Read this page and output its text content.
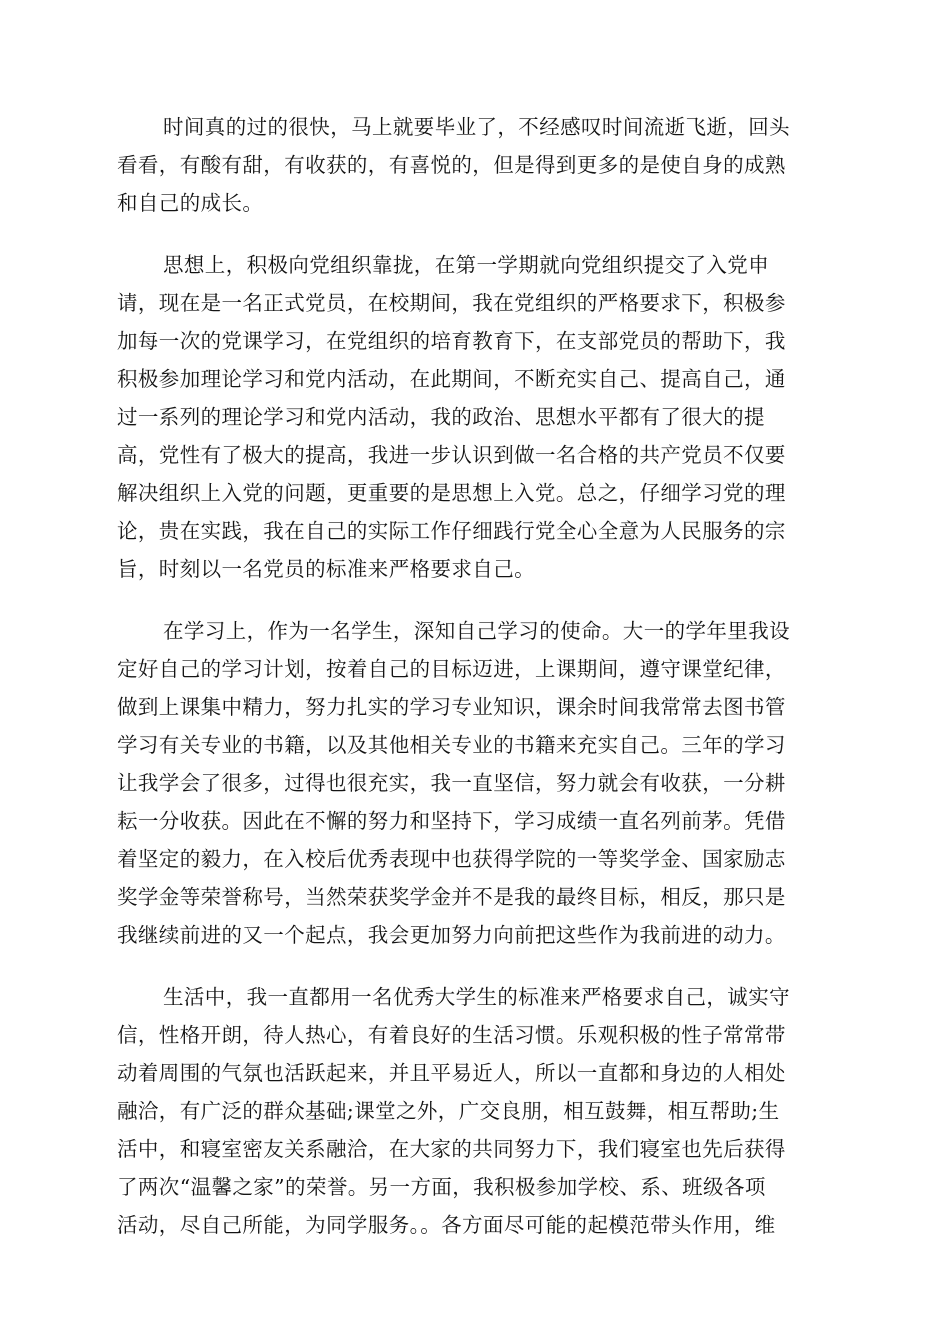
时间真的过的很快，马上就要毕业了，不经感叹时间流逝飞逝，回头
看看，有酸有甜，有收获的，有喜悦的，但是得到更多的是使自身的成熟
和自己的成长。
思想上，积极向党组织靠拢，在第一学期就向党组织提交了入党申
请，现在是一名正式党员，在校期间，我在党组织的严格要求下，积极参
加每一次的党课学习，在党组织的培育教育下，在支部党员的帮助下，我
积极参加理论学习和党内活动，在此期间，不断充实自己、提高自己，通
过一系列的理论学习和党内活动，我的政治、思想水平都有了很大的提
高，党性有了极大的提高，我进一步认识到做一名合格的共产党员不仅要
解决组织上入党的问题，更重要的是思想上入党。总之，仔细学习党的理
论，贵在实践，我在自己的实际工作仔细践行党全心全意为人民服务的宗
旨，时刻以一名党员的标准来严格要求自己。
在学习上，作为一名学生，深知自己学习的使命。大一的学年里我设
定好自己的学习计划，按着自己的目标迈进，上课期间，遵守课堂纪律，
做到上课集中精力，努力扎实的学习专业知识，课余时间我常常去图书管
学习有关专业的书籍，以及其他相关专业的书籍来充实自己。三年的学习
让我学会了很多，过得也很充实，我一直坚信，努力就会有收获，一分耕
耘一分收获。因此在不懈的努力和坚持下，学习成绩一直名列前茅。凭借
着坚定的毅力，在入校后优秀表现中也获得学院的一等奖学金、国家励志
奖学金等荣誉称号，当然荣获奖学金并不是我的最终目标，相反，那只是
我继续前进的又一个起点，我会更加努力向前把这些作为我前进的动力。
生活中，我一直都用一名优秀大学生的标准来严格要求自己，诚实守
信，性格开朗，待人热心，有着良好的生活习惯。乐观积极的性子常常带
动着周围的气氛也活跃起来，并且平易近人，所以一直都和身边的人相处
融洽，有广泛的群众基础;课堂之外，广交良朋，相互鼓舞，相互帮助;生
活中，和寝室密友关系融洽，在大家的共同努力下，我们寝室也先后获得
了两次“温馨之家”的荣誉。另一方面，我积极参加学校、系、班级各项
活动，尽自己所能，为同学服务。。各方面尽可能的起模范带头作用，维
